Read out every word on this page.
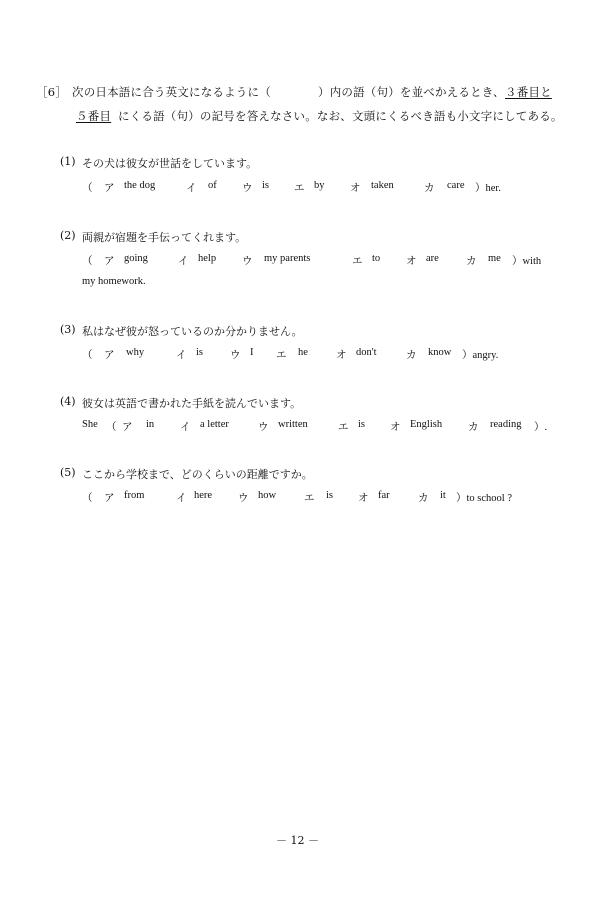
［6］ 次の日本語に合う英文になるように（	）内の語（句）を並べかえるとき、 ３番目と
５番目 にくる語（句）の記号を答えなさい。なお、文頭にくるべき語も小文字にしてある。
(1) その犬は彼女が世話をしています。
（ ア the dog	イ of ウ is エ by オ taken	カ care ）her.
(2) 両親が宿題を手伝ってくれます。
（ ア going	イ help ウ my parents	エ to オ are	カ me ）with
my homework.
(3) 私はなぜ彼が怒っているのか分かりません。
（ ア why	イ is	ウ I エ he	オ don't	カ know ）angry.
(4) 彼女は英語で書かれた手紙を読んでいます。
She （ ア in イ a letter	ウ written	エ is オ English カ reading ）.
(5) ここから学校まで、どのくらいの距離ですか。
（ ア from	イ here ウ how	エ is オ far	カ it ）to school ?
－ 12 －
